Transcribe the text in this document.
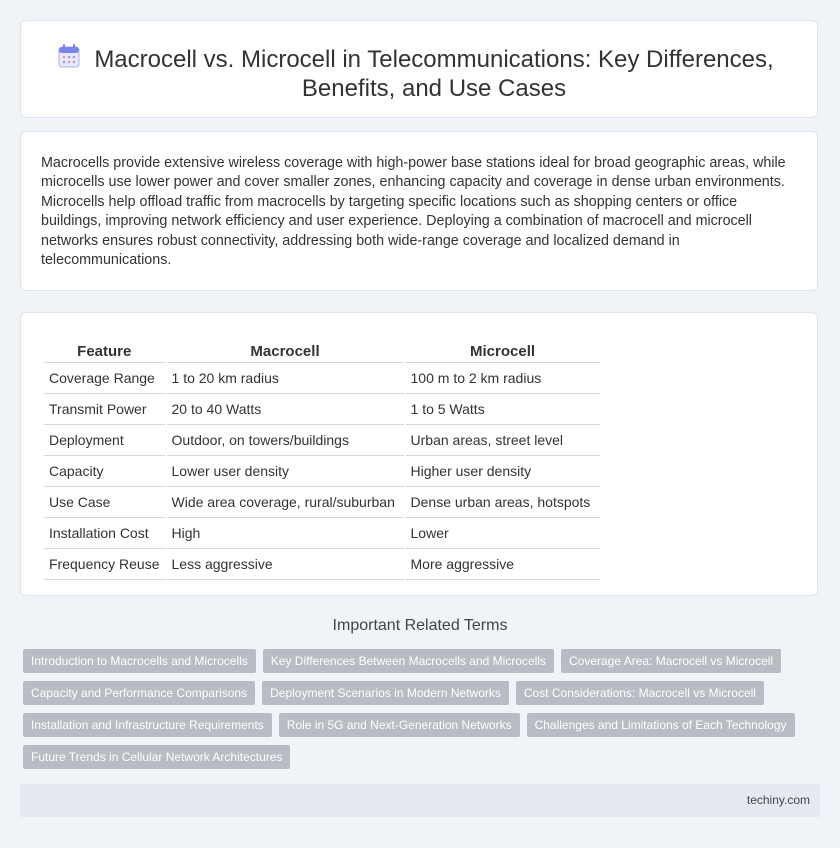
Macrocell vs. Microcell in Telecommunications: Key Differences, Benefits, and Use Cases

Macrocells provide extensive wireless coverage with high-power base stations ideal for broad geographic areas, while microcells use lower power and cover smaller zones, enhancing capacity and coverage in dense urban environments. Microcells help offload traffic from macrocells by targeting specific locations such as shopping centers or office buildings, improving network efficiency and user experience. Deploying a combination of macrocell and microcell networks ensures robust connectivity, addressing both wide-range coverage and localized demand in telecommunications.

Feature	Macrocell	Microcell
Coverage Range	1 to 20 km radius	100 m to 2 km radius
Transmit Power	20 to 40 Watts	1 to 5 Watts
Deployment	Outdoor, on towers/buildings	Urban areas, street level
Capacity	Lower user density	Higher user density
Use Case	Wide area coverage, rural/suburban	Dense urban areas, hotspots
Installation Cost	High	Lower
Frequency Reuse	Less aggressive	More aggressive
Important Related Terms
Introduction to Macrocells and Microcells	Key Differences Between Macrocells and Microcells	Coverage Area: Macrocell vs Microcell
Capacity and Performance Comparisons	Deployment Scenarios in Modern Networks	Cost Considerations: Macrocell vs Microcell
Installation and Infrastructure Requirements	Role in 5G and Next-Generation Networks	Challenges and Limitations of Each Technology
Future Trends in Cellular Network Architectures
techiny.com
